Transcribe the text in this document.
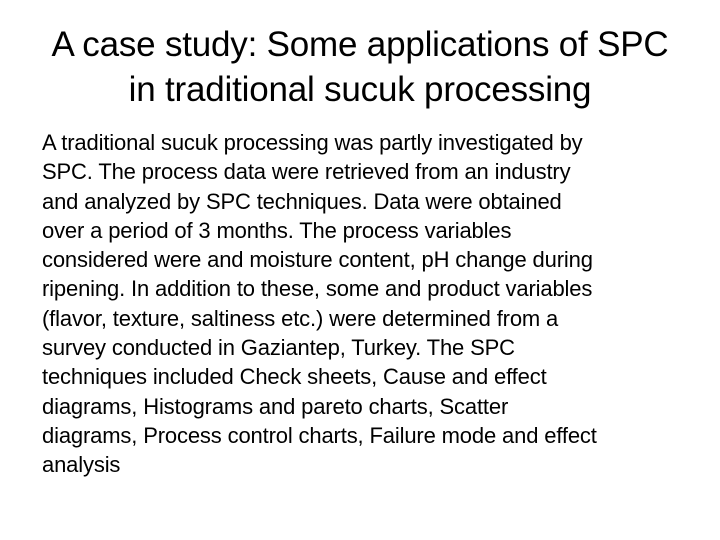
A case study: Some applications of SPC
in traditional sucuk processing
A traditional sucuk processing was partly investigated by
SPC. The process data were retrieved from an industry
and analyzed by SPC techniques. Data were obtained
over a period of 3 months. The process variables
considered were and moisture content, pH change during
ripening. In addition to these, some and product variables
(flavor, texture, saltiness etc.) were determined from a
survey conducted in Gaziantep, Turkey. The SPC
techniques included Check sheets, Cause and effect
diagrams, Histograms and pareto charts, Scatter
diagrams, Process control charts, Failure mode and effect
analysis
